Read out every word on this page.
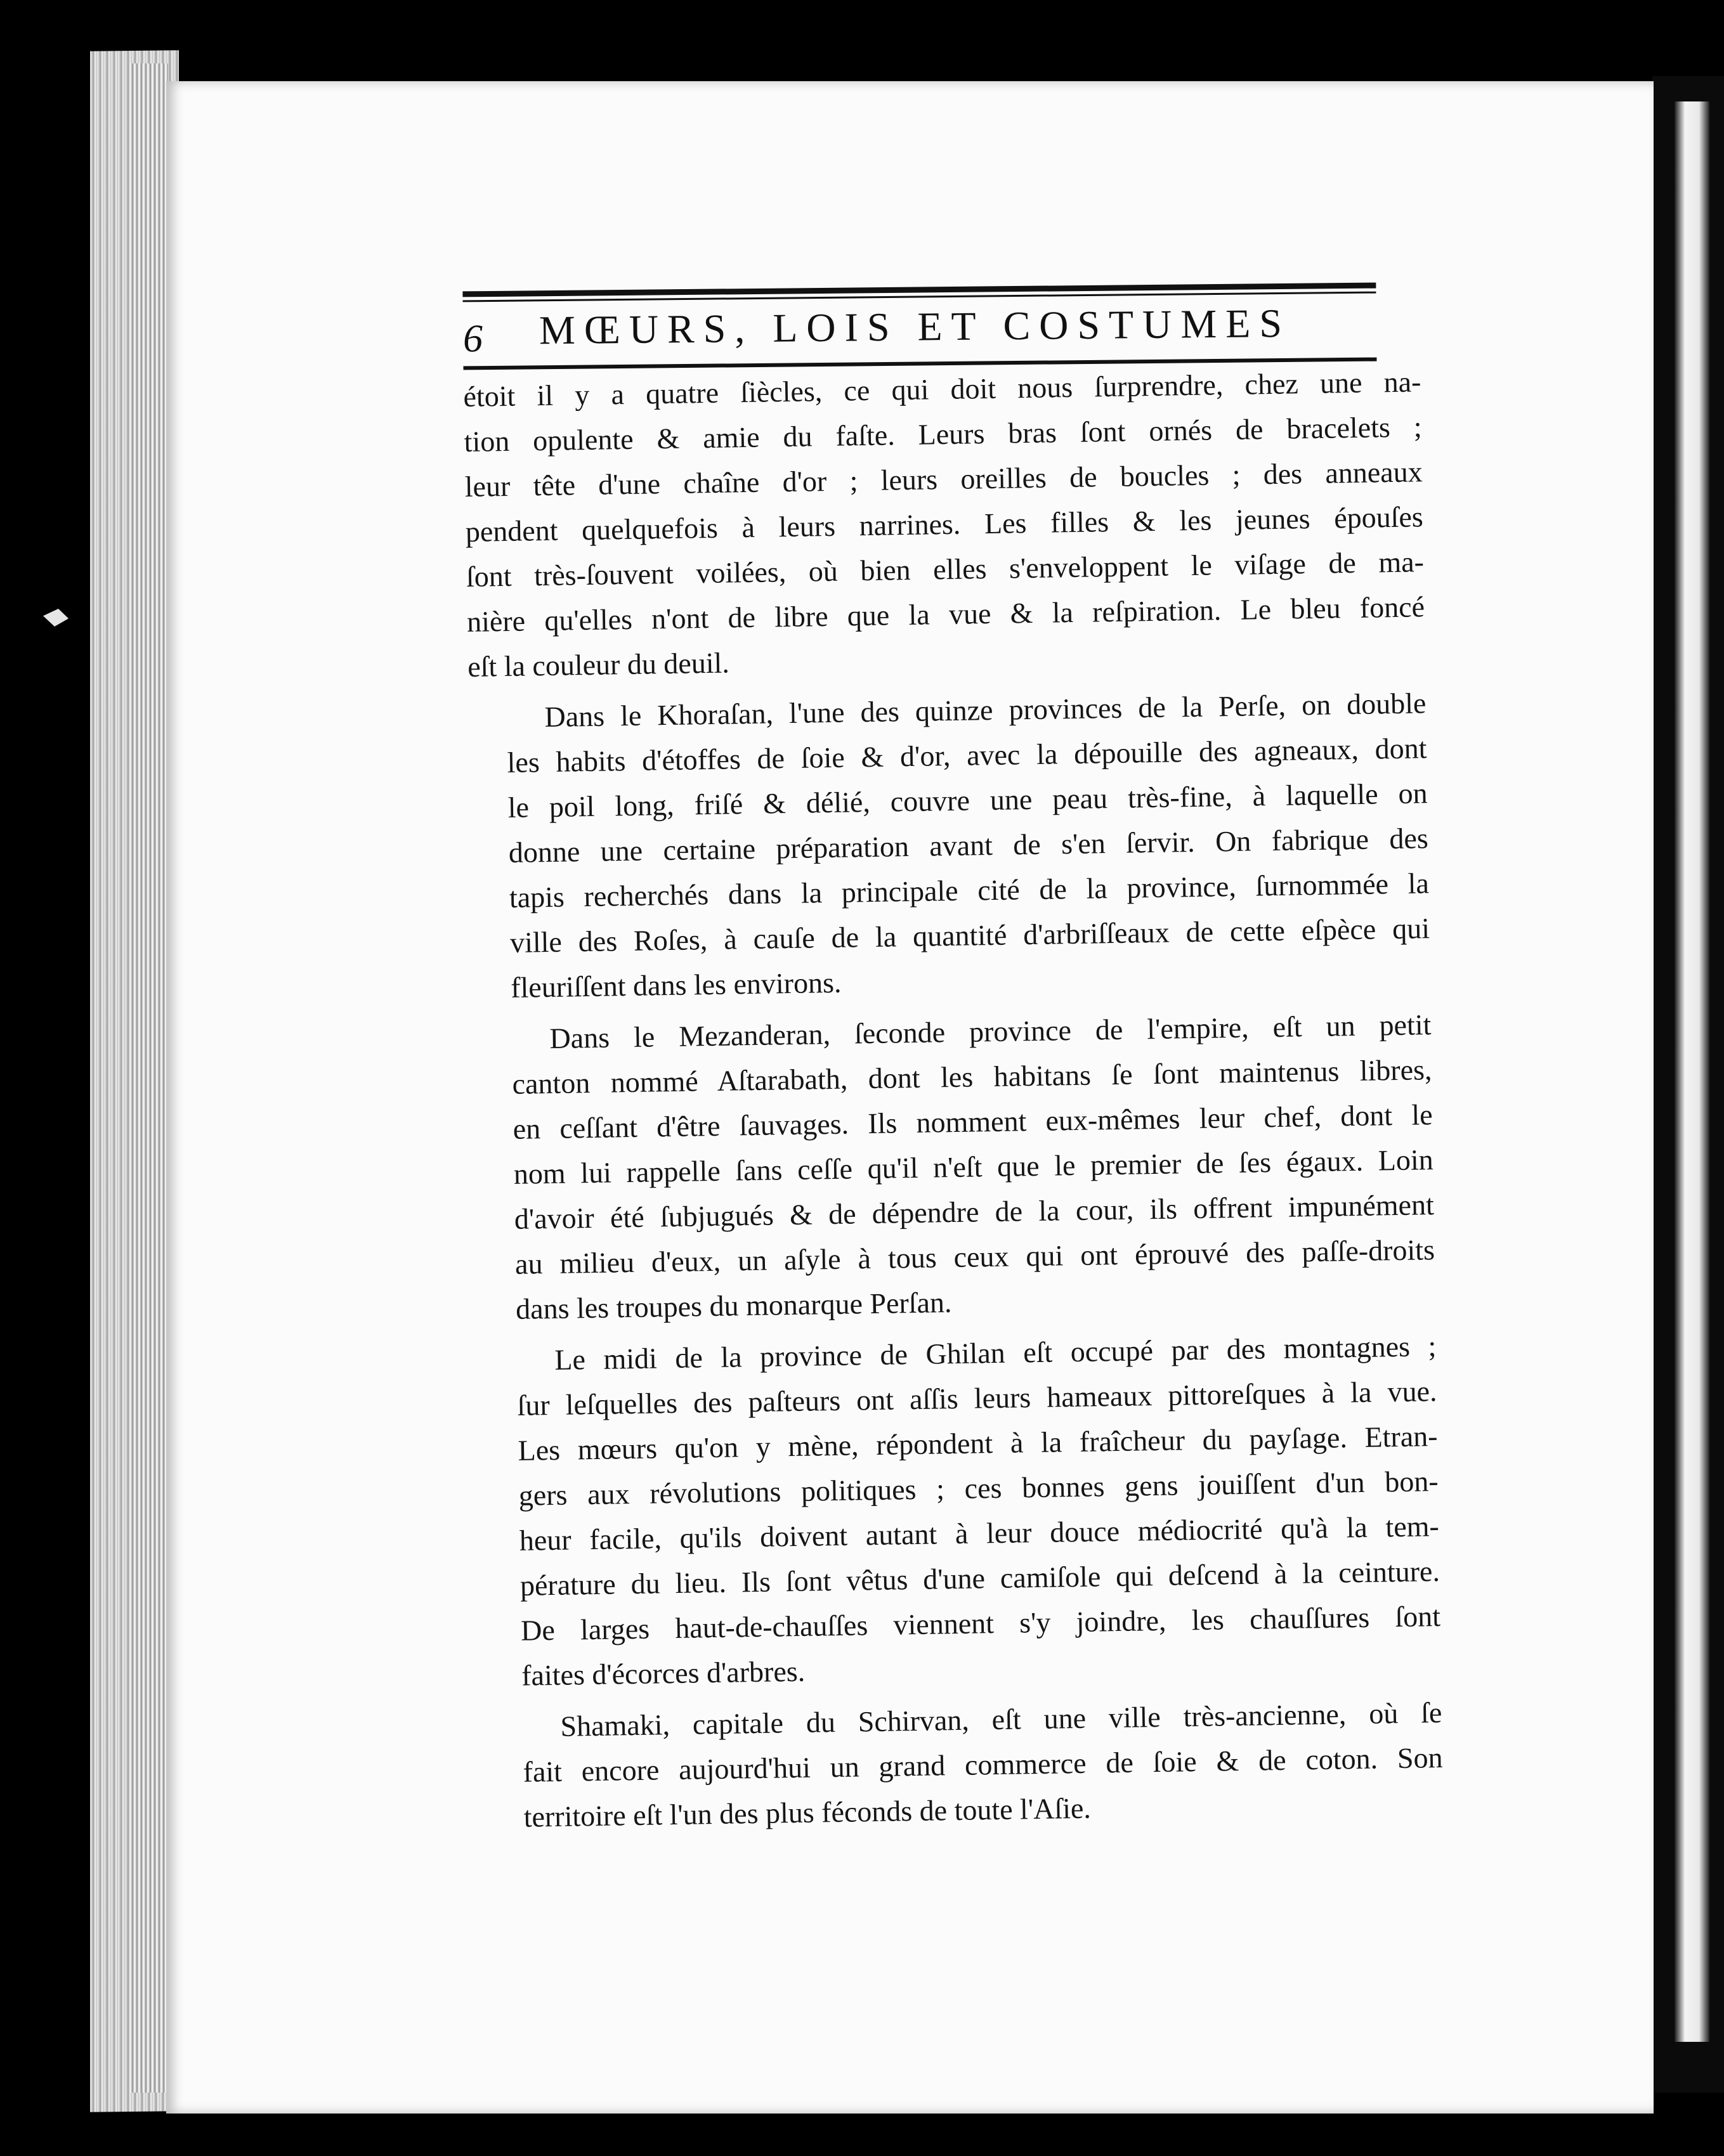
6 MŒURS, LOIS ET COSTUMES
étoit il y a quatre ſiècles, ce qui doit nous ſurprendre, chez une na-
tion opulente & amie du faſte. Leurs bras ſont ornés de bracelets ;
leur tête d'une chaîne d'or ; leurs oreilles de boucles ; des anneaux
pendent quelquefois à leurs narrines. Les filles & les jeunes épouſes
ſont très-ſouvent voilées, où bien elles s'enveloppent le viſage de ma-
nière qu'elles n'ont de libre que la vue & la reſpiration. Le bleu foncé
eſt la couleur du deuil.
Dans le Khoraſan, l'une des quinze provinces de la Perſe, on double
les habits d'étoffes de ſoie & d'or, avec la dépouille des agneaux, dont
le poil long, friſé & délié, couvre une peau très-fine, à laquelle on
donne une certaine préparation avant de s'en ſervir. On fabrique des
tapis recherchés dans la principale cité de la province, ſurnommée la
ville des Roſes, à cauſe de la quantité d'arbriſſeaux de cette eſpèce qui
fleuriſſent dans les environs.
Dans le Mezanderan, ſeconde province de l'empire, eſt un petit
canton nommé Aſtarabath, dont les habitans ſe ſont maintenus libres,
en ceſſant d'être ſauvages. Ils nomment eux-mêmes leur chef, dont le
nom lui rappelle ſans ceſſe qu'il n'eſt que le premier de ſes égaux. Loin
d'avoir été ſubjugués & de dépendre de la cour, ils offrent impunément
au milieu d'eux, un aſyle à tous ceux qui ont éprouvé des paſſe-droits
dans les troupes du monarque Perſan.
Le midi de la province de Ghilan eſt occupé par des montagnes ;
ſur leſquelles des paſteurs ont aſſis leurs hameaux pittoreſques à la vue.
Les mœurs qu'on y mène, répondent à la fraîcheur du payſage. Etran-
gers aux révolutions politiques ; ces bonnes gens jouiſſent d'un bon-
heur facile, qu'ils doivent autant à leur douce médiocrité qu'à la tem-
pérature du lieu. Ils ſont vêtus d'une camiſole qui deſcend à la ceinture.
De larges haut-de-chauſſes viennent s'y joindre, les chauſſures ſont
faites d'écorces d'arbres.
Shamaki, capitale du Schirvan, eſt une ville très-ancienne, où ſe
fait encore aujourd'hui un grand commerce de ſoie & de coton. Son
territoire eſt l'un des plus féconds de toute l'Aſie.
